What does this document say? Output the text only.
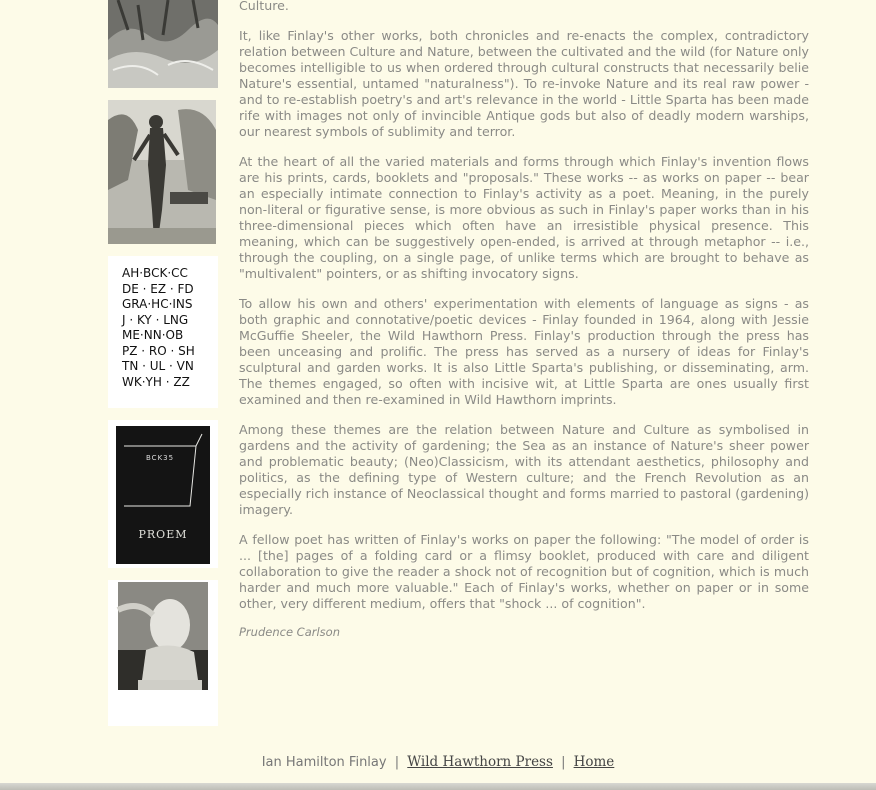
AH·BCK·CC
DE · EZ · FD
GRA·HC·INS
J · KY · LNG
ME·NN·OB
PZ · RO · SH
TN · UL · VN
WK·YH · ZZ
BCK35
PROEM

Culture.

It, like Finlay's other works, both chronicles and re-enacts the complex, contradictory relation between Culture and Nature, between the cultivated and the wild (for Nature only becomes intelligible to us when ordered through cultural constructs that necessarily belie Nature's essential, untamed "naturalness"). To re-invoke Nature and its real raw power - and to re-establish poetry's and art's relevance in the world - Little Sparta has been made rife with images not only of invincible Antique gods but also of deadly modern warships, our nearest symbols of sublimity and terror.

At the heart of all the varied materials and forms through which Finlay's invention flows are his prints, cards, booklets and "proposals." These works -- as works on paper -- bear an especially intimate connection to Finlay's activity as a poet. Meaning, in the purely non-literal or figurative sense, is more obvious as such in Finlay's paper works than in his three-dimensional pieces which often have an irresistible physical presence. This meaning, which can be suggestively open-ended, is arrived at through metaphor -- i.e., through the coupling, on a single page, of unlike terms which are brought to behave as "multivalent" pointers, or as shifting invocatory signs.

To allow his own and others' experimentation with elements of language as signs - as both graphic and connotative/poetic devices - Finlay founded in 1964, along with Jessie McGuffie Sheeler, the Wild Hawthorn Press. Finlay's production through the press has been unceasing and prolific. The press has served as a nursery of ideas for Finlay's sculptural and garden works. It is also Little Sparta's publishing, or disseminating, arm. The themes engaged, so often with incisive wit, at Little Sparta are ones usually first examined and then re-examined in Wild Hawthorn imprints.

Among these themes are the relation between Nature and Culture as symbolised in gardens and the activity of gardening; the Sea as an instance of Nature's sheer power and problematic beauty; (Neo)Classicism, with its attendant aesthetics, philosophy and politics, as the defining type of Western culture; and the French Revolution as an especially rich instance of Neoclassical thought and forms married to pastoral (gardening) imagery.

A fellow poet has written of Finlay's works on paper the following: "The model of order is ... [the] pages of a folding card or a flimsy booklet, produced with care and diligent collaboration to give the reader a shock not of recognition but of cognition, which is much harder and much more valuable." Each of Finlay's works, whether on paper or in some other, very different medium, offers that "shock ... of cognition".

Prudence Carlson
Ian Hamilton Finlay | Wild Hawthorn Press | Home
